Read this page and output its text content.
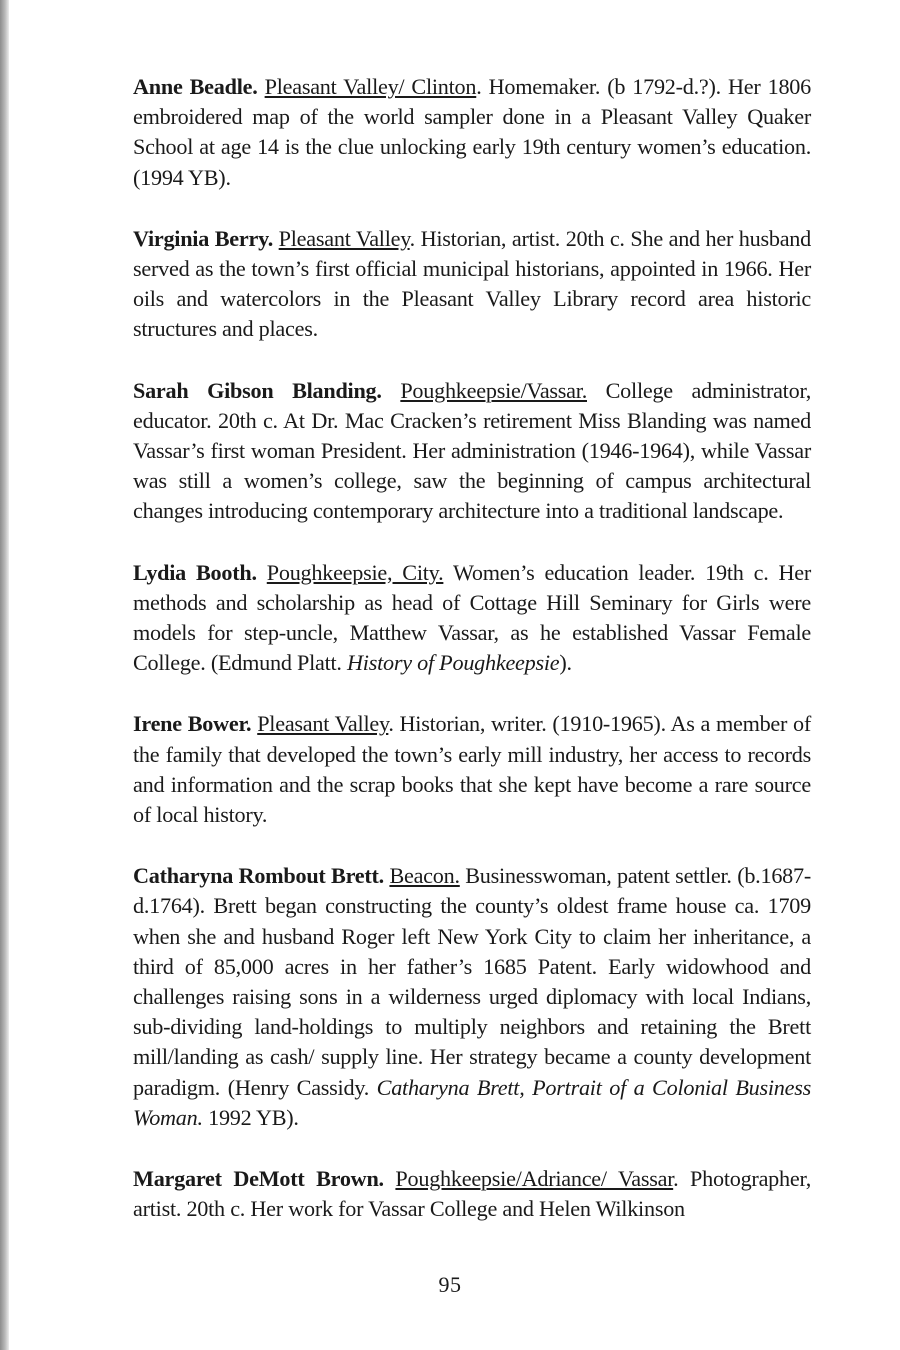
Anne Beadle. Pleasant Valley/ Clinton. Homemaker. (b 1792-d.?). Her 1806 embroidered map of the world sampler done in a Pleasant Valley Quaker School at age 14 is the clue unlocking early 19th century women’s education. (1994 YB).

Virginia Berry. Pleasant Valley. Historian, artist. 20th c. She and her husband served as the town’s first official municipal historians, appointed in 1966. Her oils and watercolors in the Pleasant Valley Library record area historic structures and places.

Sarah Gibson Blanding. Poughkeepsie/Vassar. College administrator, educator. 20th c. At Dr. Mac Cracken’s retirement Miss Blanding was named Vassar’s first woman President. Her administration (1946-1964), while Vassar was still a women’s college, saw the beginning of campus architectural changes introducing contemporary architecture into a traditional landscape.

Lydia Booth. Poughkeepsie, City. Women’s education leader. 19th c. Her methods and scholarship as head of Cottage Hill Seminary for Girls were models for step-uncle, Matthew Vassar, as he established Vassar Female College. (Edmund Platt. History of Poughkeepsie).

Irene Bower. Pleasant Valley. Historian, writer. (1910-1965). As a member of the family that developed the town’s early mill industry, her access to records and information and the scrap books that she kept have become a rare source of local history.

Catharyna Rombout Brett. Beacon. Businesswoman, patent settler. (b.1687-d.1764). Brett began constructing the county’s oldest frame house ca. 1709 when she and husband Roger left New York City to claim her inheritance, a third of 85,000 acres in her father’s 1685 Patent. Early widowhood and challenges raising sons in a wilderness urged diplomacy with local Indians, sub-dividing land-holdings to multiply neighbors and retaining the Brett mill/landing as cash/ supply line. Her strategy became a county development paradigm. (Henry Cassidy. Catharyna Brett, Portrait of a Colonial Business Woman. 1992 YB).

Margaret DeMott Brown. Poughkeepsie/Adriance/ Vassar. Photographer, artist. 20th c. Her work for Vassar College and Helen Wilkinson

95
